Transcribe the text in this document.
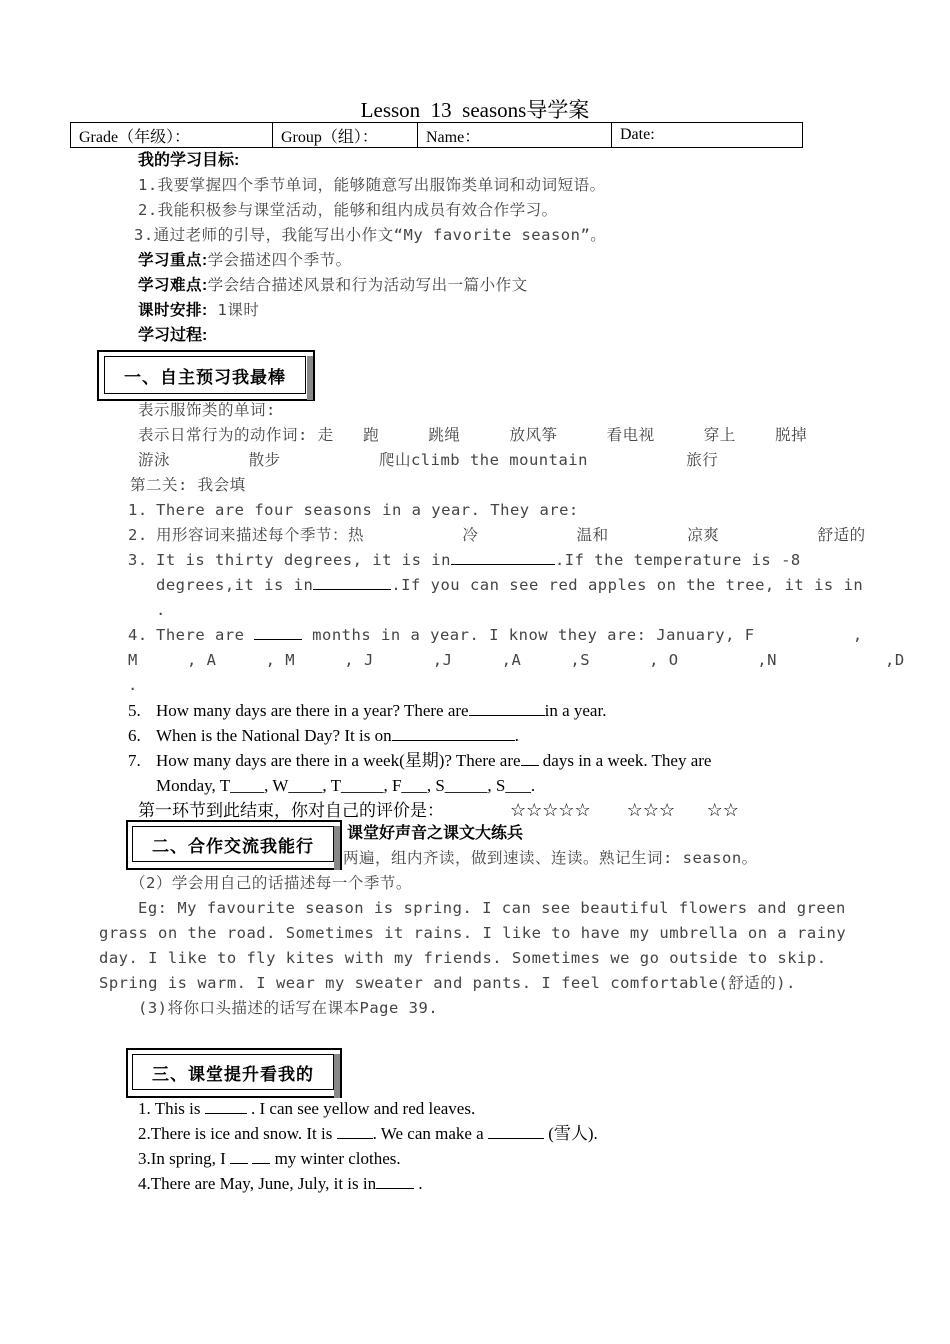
Lesson  13  seasons导学案
Grade（年级）：	Group（组）：	Name：	Date:
我的学习目标:
1.我要掌握四个季节单词，能够随意写出服饰类单词和动词短语。
2.我能积极参与课堂活动，能够和组内成员有效合作学习。
3.通过老师的引导，我能写出小作文“My favorite season”。
学习重点:学会描述四个季节。
学习难点:学会结合描述风景和行为活动写出一篇小作文
课时安排: 1课时
学习过程:
一、自主预习我最棒
表示服饰类的单词:
表示日常行为的动作词: 走   跑     跳绳     放风筝     看电视     穿上    脱掉
游泳        散步          爬山climb the mountain          旅行
第二关: 我会填
1. There are four seasons in a year. They are:
2. 用形容词来描述每个季节：热          冷          温和        凉爽          舒适的
3. It is thirty degrees, it is in	.If the temperature is -8
degrees,it is in	.If you can see red apples on the tree, it is in
.
4. There are	months in a year. I know they are: January, F          ,
M     , A     , M     , J      ,J     ,A     ,S      , O        ,N           ,D
.
5. How many days are there in a year? There are	in a year.
6. When is the National Day? It is on	.
7. How many days are there in a week(星期)? There are days in a week. They are
Monday, T____, W____, T_____, F___, S_____, S___.
第一环节到此结束，你对自己的评价是：	☆☆☆☆☆        ☆☆☆       ☆☆
二、合作交流我能行
课堂好声音之课文大练兵
两遍，组内齐读，做到速读、连读。熟记生词: season。
（2）学会用自己的话描述每一个季节。
Eg: My favourite season is spring. I can see beautiful flowers and green
grass on the road. Sometimes it rains. I like to have my umbrella on a rainy
day. I like to fly kites with my friends. Sometimes we go outside to skip.
Spring is warm. I wear my sweater and pants. I feel comfortable(舒适的).
(3)将你口头描述的话写在课本Page 39.
三、课堂提升看我的
1. This is  . I can see yellow and red leaves.
2.There is ice and snow. It is . We can make a	(雪人).
3.In spring, I   my winter clothes.
4.There are May, June, July, it is in .
